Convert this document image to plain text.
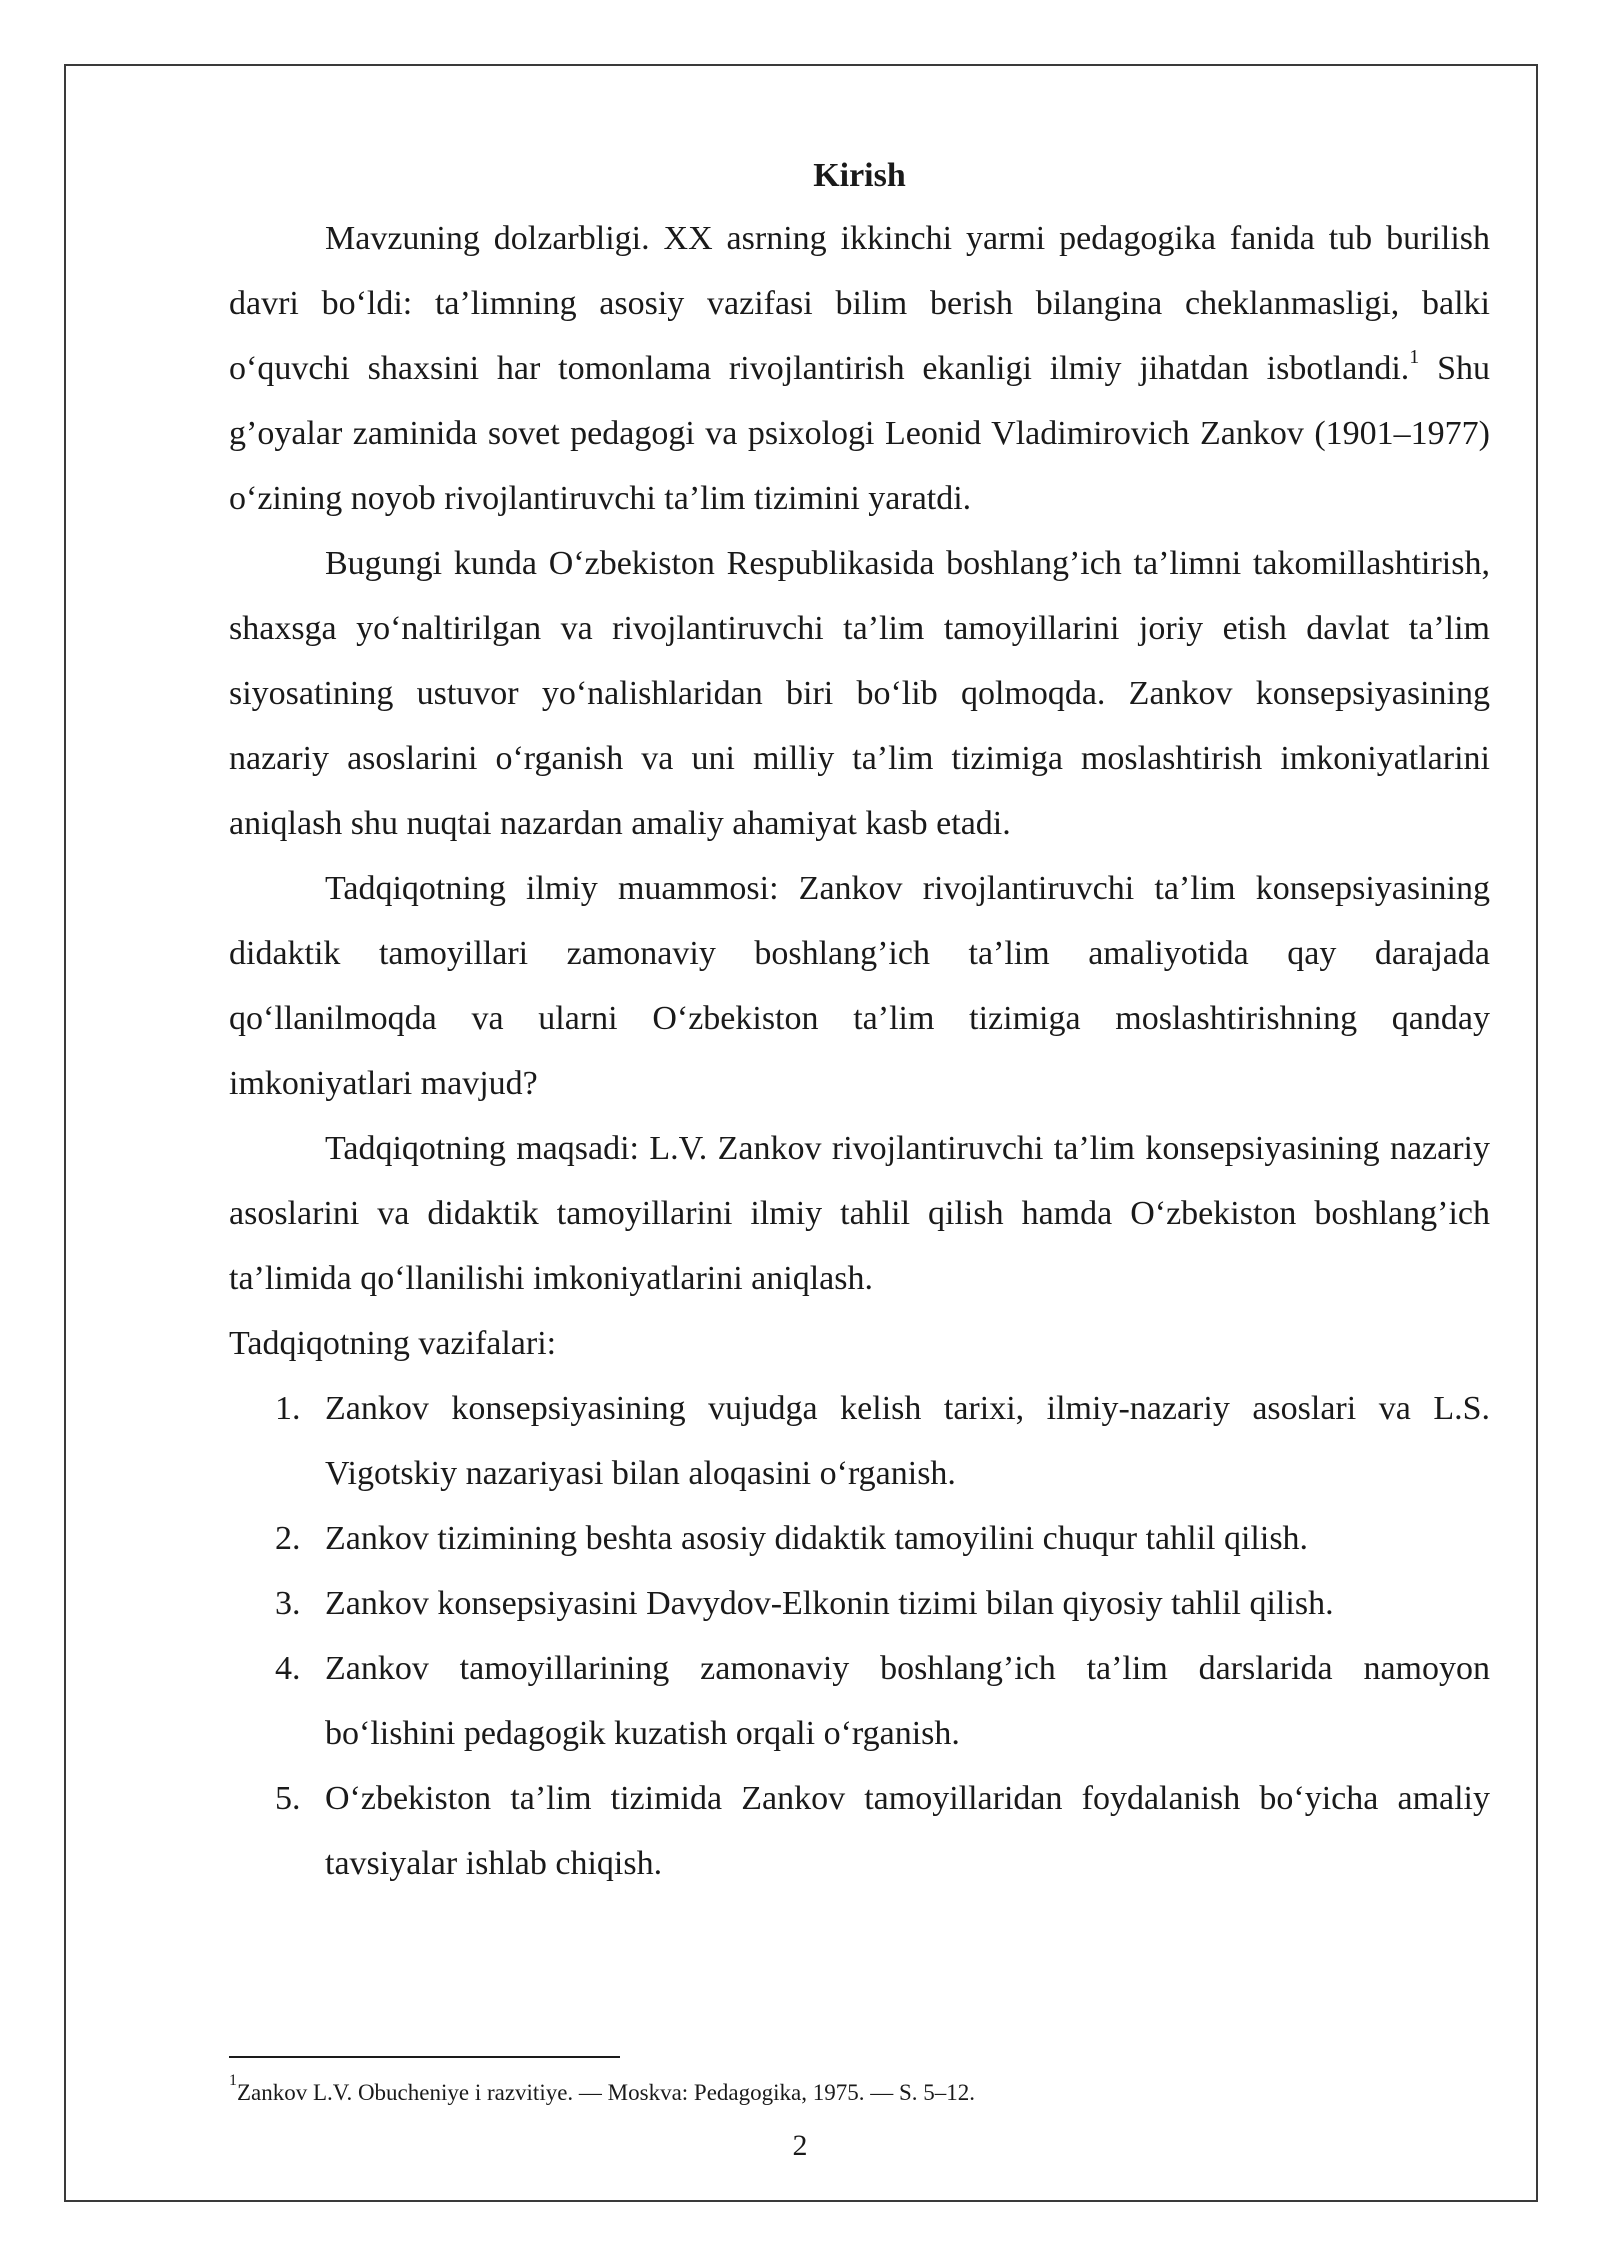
Kirish

Mavzuning dolzarbligi. XX asrning ikkinchi yarmi pedagogika fanida tub burilish davri bo‘ldi: ta’limning asosiy vazifasi bilim berish bilangina cheklanmasligi, balki o‘quvchi shaxsini har tomonlama rivojlantirish ekanligi ilmiy jihatdan isbotlandi.$^1$ Shu g’oyalar zaminida sovet pedagogi va psixologi Leonid Vladimirovich Zankov (1901–1977) o‘zining noyob rivojlantiruvchi ta’lim tizimini yaratdi.

Bugungi kunda O‘zbekiston Respublikasida boshlang’ich ta’limni takomillashtirish, shaxsga yo‘naltirilgan va rivojlantiruvchi ta’lim tamoyillarini joriy etish davlat ta’lim siyosatining ustuvor yo‘nalishlaridan biri bo‘lib qolmoqda. Zankov konsepsiyasining nazariy asoslarini o‘rganish va uni milliy ta’lim tizimiga moslashtirish imkoniyatlarini aniqlash shu nuqtai nazardan amaliy ahamiyat kasb etadi.

Tadqiqotning ilmiy muammosi: Zankov rivojlantiruvchi ta’lim konsepsiyasining didaktik tamoyillari zamonaviy boshlang’ich ta’lim amaliyotida qay darajada qo‘llanilmoqda va ularni O‘zbekiston ta’lim tizimiga moslashtirishning qanday imkoniyatlari mavjud?

Tadqiqotning maqsadi: L.V. Zankov rivojlantiruvchi ta’lim konsepsiyasining nazariy asoslarini va didaktik tamoyillarini ilmiy tahlil qilish hamda O‘zbekiston boshlang’ich ta’limida qo‘llanilishi imkoniyatlarini aniqlash.

Tadqiqotning vazifalari:

1. Zankov konsepsiyasining vujudga kelish tarixi, ilmiy-nazariy asoslari va L.S. Vigotskiy nazariyasi bilan aloqasini o‘rganish.
2. Zankov tizimining beshta asosiy didaktik tamoyilini chuqur tahlil qilish.
3. Zankov konsepsiyasini Davydov-Elkonin tizimi bilan qiyosiy tahlil qilish.
4. Zankov tamoyillarining zamonaviy boshlang’ich ta’lim darslarida namoyon bo‘lishini pedagogik kuzatish orqali o‘rganish.
5. O‘zbekiston ta’lim tizimida Zankov tamoyillaridan foydalanish bo‘yicha amaliy tavsiyalar ishlab chiqish.
$^1$Zankov L.V. Obucheniye i razvitiye. — Moskva: Pedagogika, 1975. — S. 5–12.
2
